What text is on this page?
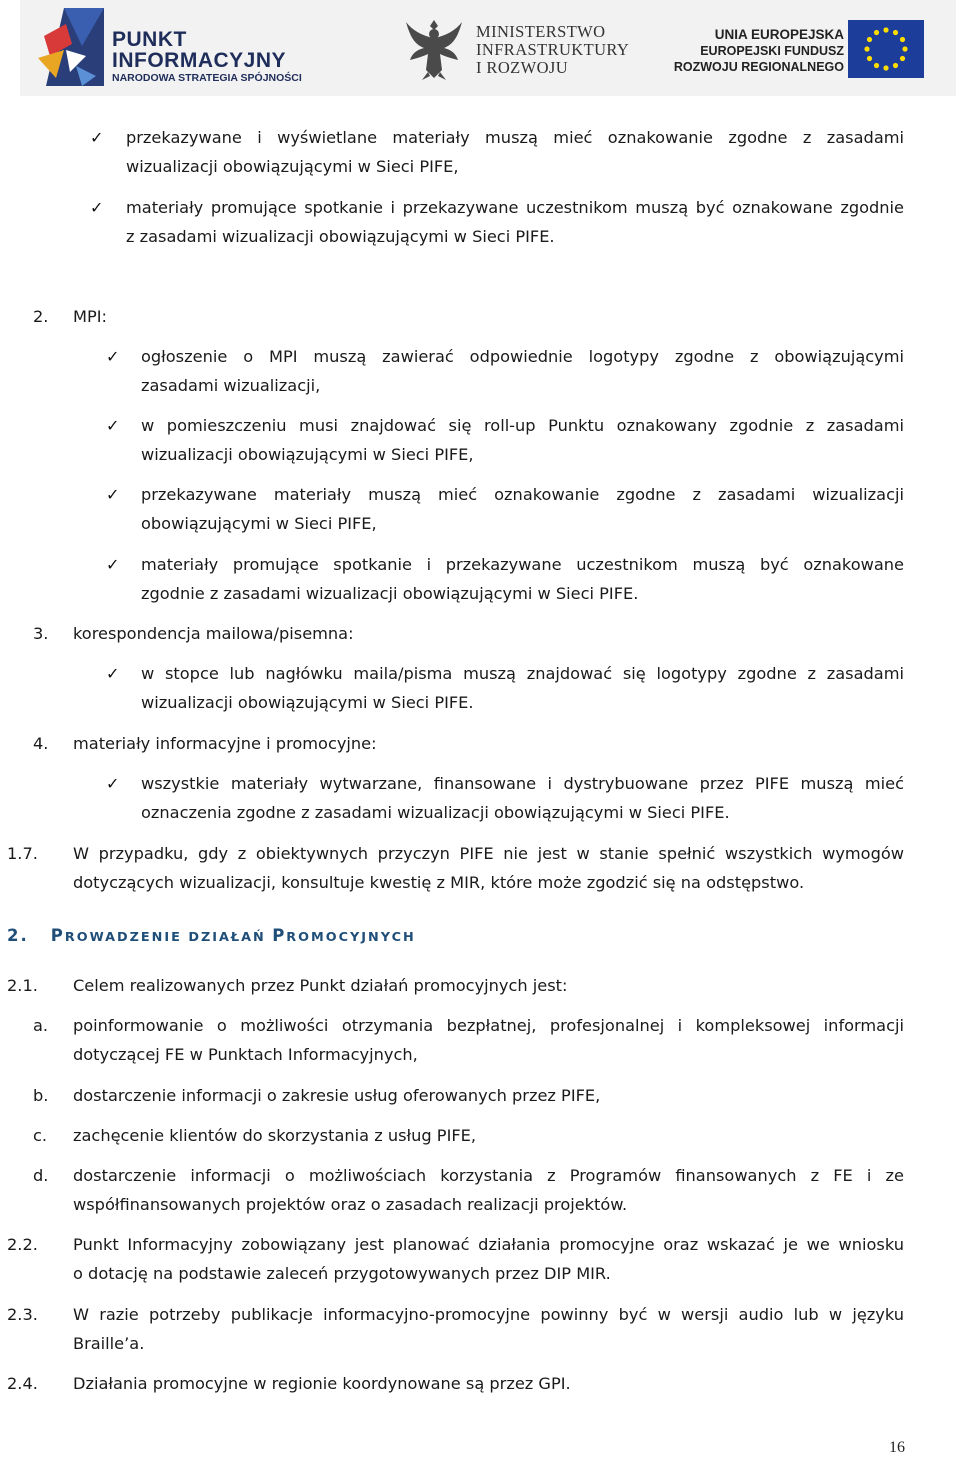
PUNKT
INFORMACYJNY
NARODOWA STRATEGIA SPÓJNOŚCI
MINISTERSTWO
INFRASTRUKTURY
I ROZWOJU
UNIA EUROPEJSKA
EUROPEJSKI FUNDUSZ
ROZWOJU REGIONALNEGO
✓ przekazywane i wyświetlane materiały muszą mieć oznakowanie zgodne z zasadami
wizualizacji obowiązującymi w Sieci PIFE,
✓ materiały promujące spotkanie i przekazywane uczestnikom muszą być oznakowane zgodnie
z zasadami wizualizacji obowiązującymi w Sieci PIFE.
2. MPI:
✓ ogłoszenie o MPI muszą zawierać odpowiednie logotypy zgodne z obowiązującymi
zasadami wizualizacji,
✓ w pomieszczeniu musi znajdować się roll-up Punktu oznakowany zgodnie z zasadami
wizualizacji obowiązującymi w Sieci PIFE,
✓ przekazywane materiały muszą mieć oznakowanie zgodne z zasadami wizualizacji
obowiązującymi w Sieci PIFE,
✓ materiały promujące spotkanie i przekazywane uczestnikom muszą być oznakowane
zgodnie z zasadami wizualizacji obowiązującymi w Sieci PIFE.
3. korespondencja mailowa/pisemna:
✓ w stopce lub nagłówku maila/pisma muszą znajdować się logotypy zgodne z zasadami
wizualizacji obowiązującymi w Sieci PIFE.
4. materiały informacyjne i promocyjne:
✓ wszystkie materiały wytwarzane, finansowane i dystrybuowane przez PIFE muszą mieć
oznaczenia zgodne z zasadami wizualizacji obowiązującymi w Sieci PIFE.
1.7. W przypadku, gdy z obiektywnych przyczyn PIFE nie jest w stanie spełnić wszystkich wymogów
dotyczących wizualizacji, konsultuje kwestię z MIR, które może zgodzić się na odstępstwo.
2. PROWADZENIE DZIAŁAŃ PROMOCYJNYCH
2.1. Celem realizowanych przez Punkt działań promocyjnych jest:
a. poinformowanie o możliwości otrzymania bezpłatnej, profesjonalnej i kompleksowej informacji
dotyczącej FE w Punktach Informacyjnych,
b. dostarczenie informacji o zakresie usług oferowanych przez PIFE,
c. zachęcenie klientów do skorzystania z usług PIFE,
d. dostarczenie informacji o możliwościach korzystania z Programów finansowanych z FE i ze
współfinansowanych projektów oraz o zasadach realizacji projektów.
2.2. Punkt Informacyjny zobowiązany jest planować działania promocyjne oraz wskazać je we wniosku
o dotację na podstawie zaleceń przygotowywanych przez DIP MIR.
2.3. W razie potrzeby publikacje informacyjno-promocyjne powinny być w wersji audio lub w języku
Braille’a.
2.4. Działania promocyjne w regionie koordynowane są przez GPI.
16
